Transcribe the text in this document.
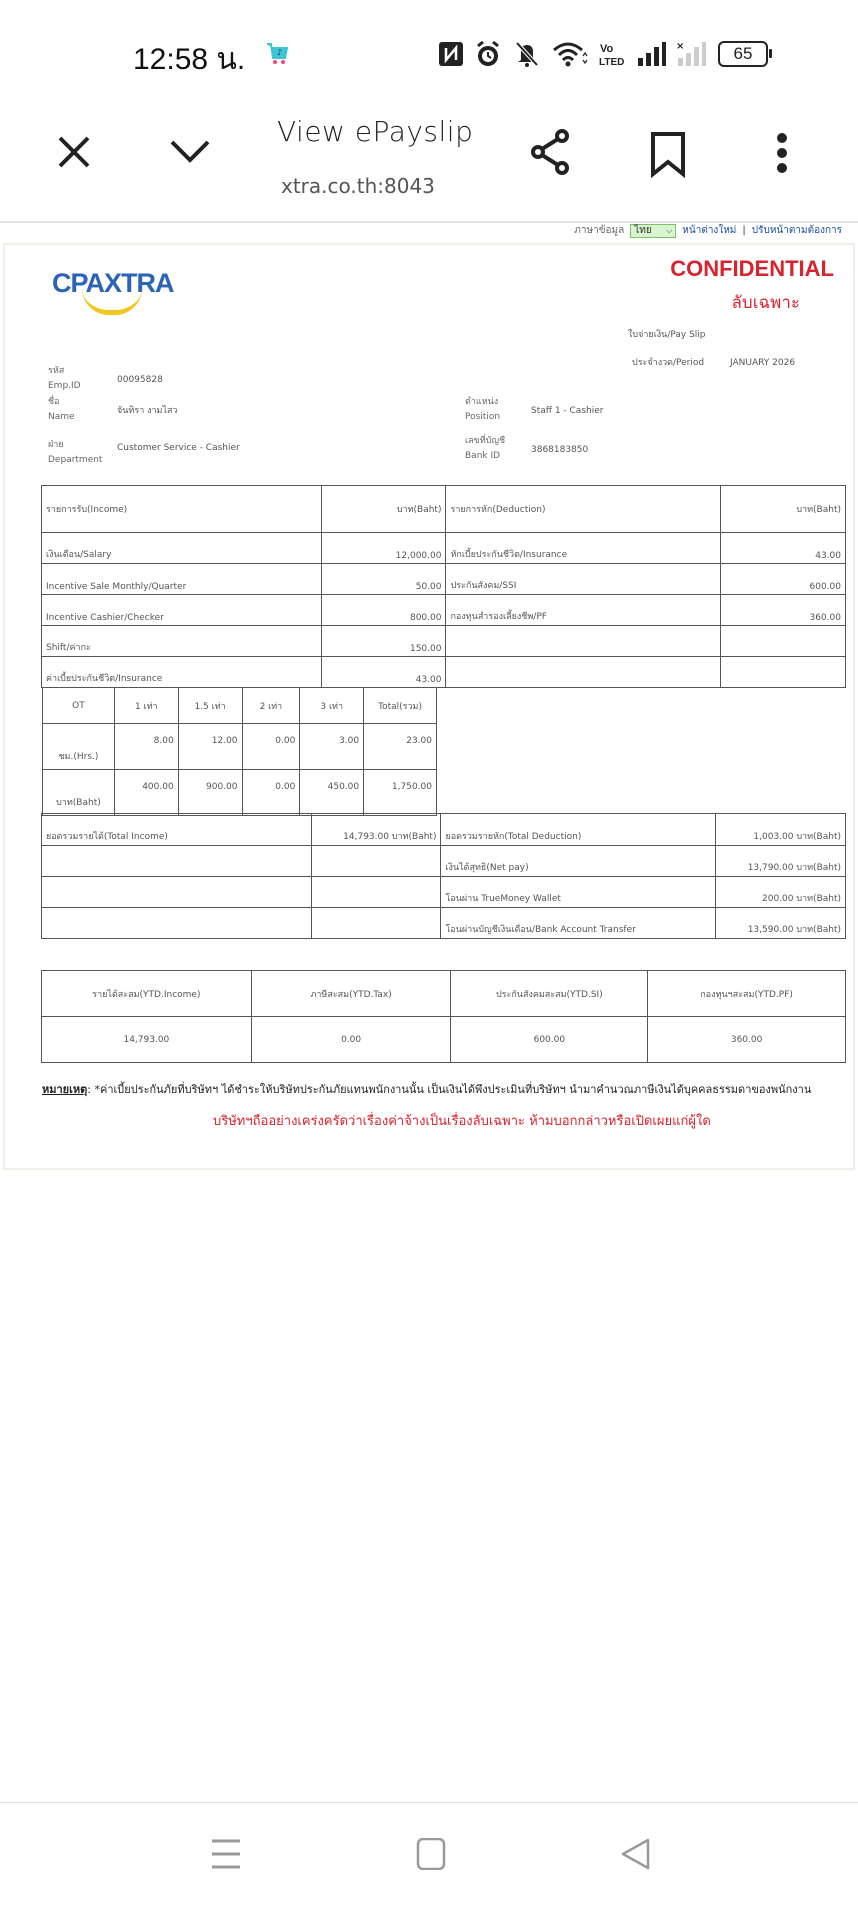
12:58 น.	♪	Vo
LTED
×	65
View ePayslip
xtra.co.th:8043
ภาษาข้อมูล ไทย ⌵ หน้าต่างใหม่ | ปรับหน้าตามต้องการ
CPAXTRA	CONFIDENTIAL
ลับเฉพาะ
ใบจ่ายเงิน/Pay Slip
ประจำงวด/Period	JANUARY 2026
รหัส
Emp.ID
00095828
ชื่อ
Name
จันทิรา งามไสว
ฝ่าย
Department
Customer Service - Cashier
ตำแหน่ง
Position
Staff 1 - Cashier
เลขที่บัญชี
Bank ID
3868183850
รายการรับ(Income)	บาท(Baht)	รายการหัก(Deduction)	บาท(Baht)
เงินเดือน/Salary	12,000.00	หักเบี้ยประกันชีวิต/Insurance	43.00
Incentive Sale Monthly/Quarter	50.00	ประกันสังคม/SSI	600.00
Incentive Cashier/Checker	800.00	กองทุนสำรองเลี้ยงชีพ/PF	360.00
Shift/ค่ากะ	150.00		
ค่าเบี้ยประกันชีวิต/Insurance	43.00		
OT	1 เท่า	1.5 เท่า	2 เท่า	3 เท่า	Total(รวม)
ชม.(Hrs.)	8.00	12.00	0.00	3.00	23.00
บาท(Baht)	400.00	900.00	0.00	450.00	1,750.00
ยอดรวมรายได้(Total Income)	14,793.00 บาท(Baht)	ยอดรวมรายหัก(Total Deduction)	1,003.00 บาท(Baht)
		เงินได้สุทธิ(Net pay)	13,790.00 บาท(Baht)
		โอนผ่าน TrueMoney Wallet	200.00 บาท(Baht)
		โอนผ่านบัญชีเงินเดือน/Bank Account Transfer	13,590.00 บาท(Baht)
รายได้สะสม(YTD.Income)	ภาษีสะสม(YTD.Tax)	ประกันสังคมสะสม(YTD.SI)	กองทุนฯสะสม(YTD.PF)
14,793.00	0.00	600.00	360.00
หมายเหตุ: *ค่าเบี้ยประกันภัยที่บริษัทฯ ได้ชำระให้บริษัทประกันภัยแทนพนักงานนั้น เป็นเงินได้พึงประเมินที่บริษัทฯ นำมาคำนวณภาษีเงินได้บุคคลธรรมดาของพนักงาน
บริษัทฯถืออย่างเคร่งครัดว่าเรื่องค่าจ้างเป็นเรื่องลับเฉพาะ ห้ามบอกกล่าวหรือเปิดเผยแก่ผู้ใด
